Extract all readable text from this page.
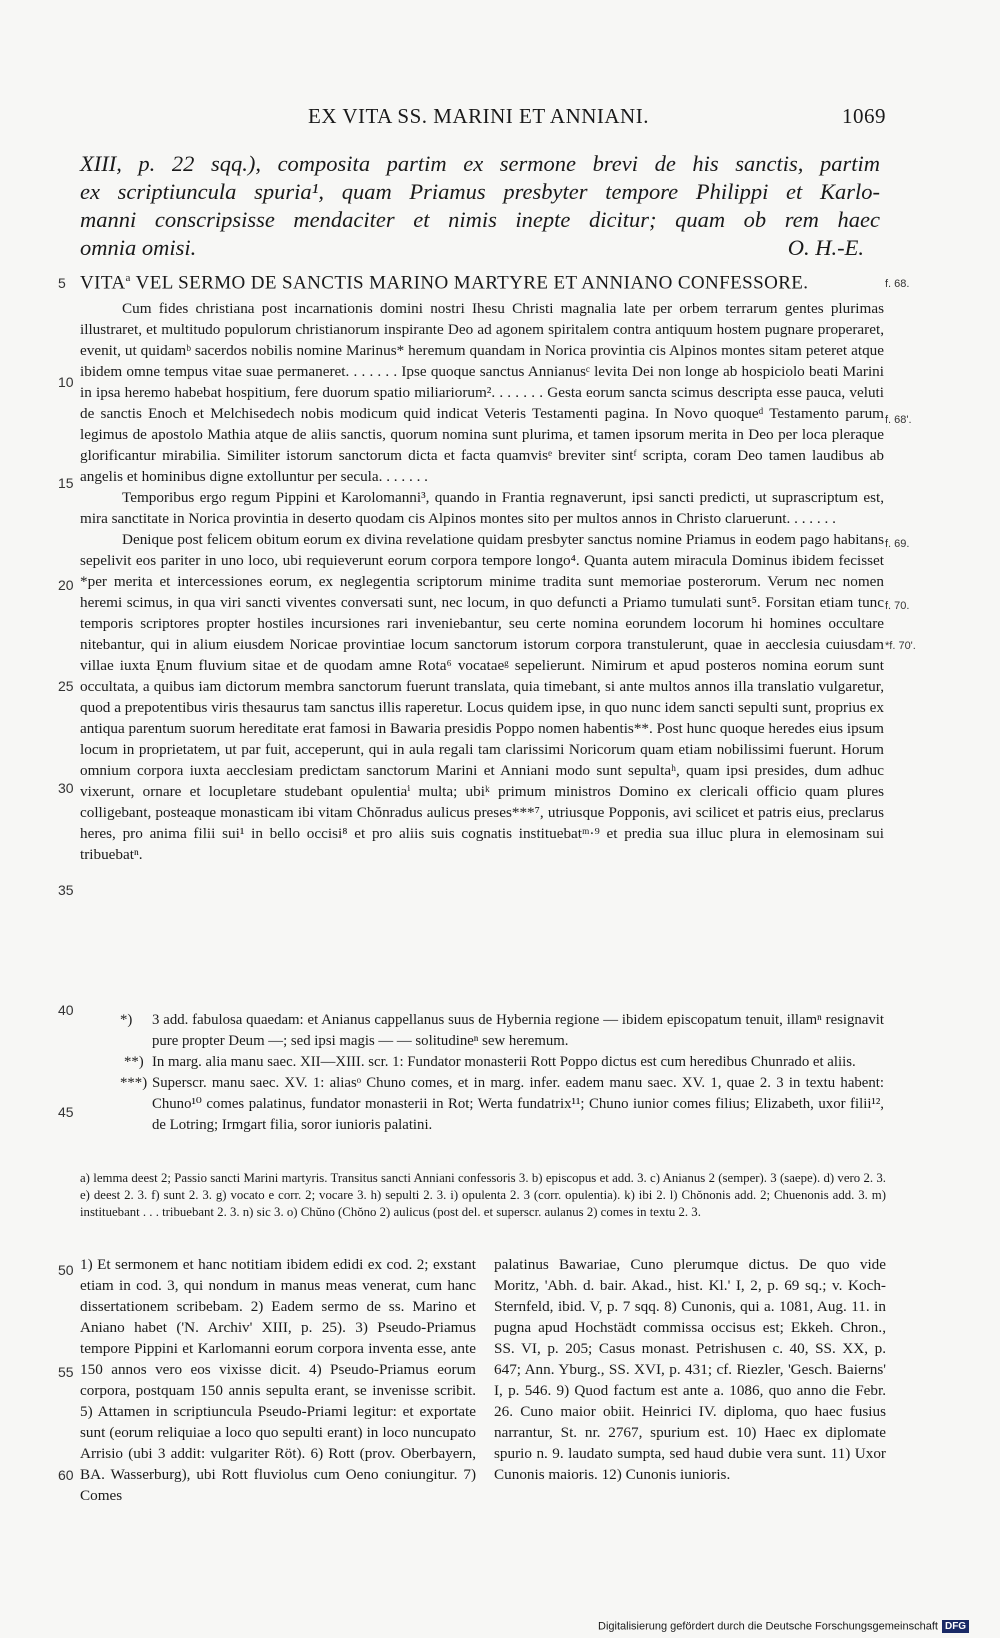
EX VITA SS. MARINI ET ANNIANI.	1069
XIII, p. 22 sqq.), composita partim ex sermone brevi de his sanctis, partim
ex scriptiuncula spuria¹, quam Priamus presbyter tempore Philippi et Karlo-
manni conscripsisse mendaciter et nimis inepte dicitur; quam ob rem haec
omnia omisi.	O. H.-E.
5 VITA$^a$ VEL SERMO DE SANCTIS MARINO MARTYRE ET ANNIANO CONFESSORE.
10
15
20
25
30
35
40
45
50
55
60
f. 68.
f. 68'.
f. 69.
f. 70.
*f. 70'.

Cum fides christiana post incarnationis domini nostri Ihesu Christi magnalia late per orbem terrarum gentes plurimas illustraret, et multitudo populorum christianorum inspirante Deo ad agonem spiritalem contra antiquum hostem pugnare properaret, evenit, ut quidamᵇ sacerdos nobilis nomine Marinus* heremum quandam in Norica provintia cis Alpinos montes sitam peteret atque ibidem omne tempus vitae suae permaneret. . . . . . . Ipse quoque sanctus Annianusᶜ levita Dei non longe ab hospiciolo beati Marini in ipsa heremo habebat hospitium, fere duorum spatio miliariorum². . . . . . . Gesta eorum sancta scimus descripta esse pauca, veluti de sanctis Enoch et Melchisedech nobis modicum quid indicat Veteris Testamenti pagina. In Novo quoqueᵈ Testamento parum legimus de apostolo Mathia atque de aliis sanctis, quorum nomina sunt plurima, et tamen ipsorum merita in Deo per loca pleraque glorificantur mirabilia. Similiter istorum sanctorum dicta et facta quamvisᵉ breviter sintᶠ scripta, coram Deo tamen laudibus ab angelis et hominibus digne extolluntur per secula. . . . . . .

Temporibus ergo regum Pippini et Karolomanni³, quando in Frantia regnaverunt, ipsi sancti predicti, ut suprascriptum est, mira sanctitate in Norica provintia in deserto quodam cis Alpinos montes sito per multos annos in Christo claruerunt. . . . . . .

Denique post felicem obitum eorum ex divina revelatione quidam presbyter sanctus nomine Priamus in eodem pago habitans sepelivit eos pariter in uno loco, ubi requieverunt eorum corpora tempore longo⁴. Quanta autem miracula Dominus ibidem fecisset *per merita et intercessiones eorum, ex neglegentia scriptorum minime tradita sunt memoriae posterorum. Verum nec nomen heremi scimus, in qua viri sancti viventes conversati sunt, nec locum, in quo defuncti a Priamo tumulati sunt⁵. Forsitan etiam tunc temporis scriptores propter hostiles incursiones rari inveniebantur, seu certe nomina eorundem locorum hi homines occultare nitebantur, qui in alium eiusdem Noricae provintiae locum sanctorum istorum corpora transtulerunt, quae in aecclesia cuiusdam villae iuxta Ęnum fluvium sitae et de quodam amne Rota⁶ vocataeᵍ sepelierunt. Nimirum et apud posteros nomina eorum sunt occultata, a quibus iam dictorum membra sanctorum fuerunt translata, quia timebant, si ante multos annos illa translatio vulgaretur, quod a prepotentibus viris thesaurus tam sanctus illis raperetur. Locus quidem ipse, in quo nunc idem sancti sepulti sunt, proprius ex antiqua parentum suorum hereditate erat famosi in Bawaria presidis Poppo nomen habentis**. Post hunc quoque heredes eius ipsum locum in proprietatem, ut par fuit, acceperunt, qui in aula regali tam clarissimi Noricorum quam etiam nobilissimi fuerunt. Horum omnium corpora iuxta aecclesiam predictam sanctorum Marini et Anniani modo sunt sepultaʰ, quam ipsi presides, dum adhuc vixerunt, ornare et locupletare studebant opulentiaⁱ multa; ubiᵏ primum ministros Domino ex clericali officio quam plures colligebant, posteaque monasticam ibi vitam Chŏnradus aulicus preses***⁷, utriusque Popponis, avi scilicet et patris eius, preclarus heres, pro anima filii sui¹ in bello occisi⁸ et pro aliis suis cognatis instituebatᵐ·⁹ et predia sua illuc plura in elemosinam sui tribuebatⁿ.

*) 3 add. fabulosa quaedam: et Anianus cappellanus suus de Hybernia regione — ibidem episcopatum tenuit, illamⁿ resignavit pure propter Deum —; sed ipsi magis — — solitudineⁿ sew heremum.
**) In marg. alia manu saec. XII—XIII. scr. 1: Fundator monasterii Rott Poppo dictus est cum heredibus Chunrado et aliis.
***) Superscr. manu saec. XV. 1: aliasᵒ Chuno comes, et in marg. infer. eadem manu saec. XV. 1, quae 2. 3 in textu habent: Chuno¹⁰ comes palatinus, fundator monasterii in Rot; Werta fundatrix¹¹; Chuno iunior comes filius; Elizabeth, uxor filii¹², de Lotring; Irmgart filia, soror iunioris palatini.
a) lemma deest 2; Passio sancti Marini martyris. Transitus sancti Anniani confessoris 3. b) episcopus et add. 3. c) Anianus 2 (semper). 3 (saepe). d) vero 2. 3. e) deest 2. 3. f) sunt 2. 3. g) vocato e corr. 2; vocare 3. h) sepulti 2. 3. i) opulenta 2. 3 (corr. opulentia). k) ibi 2. l) Chŏnonis add. 2; Chuenonis add. 3. m) instituebant . . . tribuebant 2. 3. n) sic 3. o) Chŭno (Chŏno 2) aulicus (post del. et superscr. aulanus 2) comes in textu 2. 3.
1) Et sermonem et hanc notitiam ibidem edidi ex cod. 2; exstant etiam in cod. 3, qui nondum in manus meas venerat, cum hanc dissertationem scribebam. 2) Eadem sermo de ss. Marino et Aniano habet ('N. Archiv' XIII, p. 25). 3) Pseudo-Priamus tempore Pippini et Karlomanni eorum corpora inventa esse, ante 150 annos vero eos vixisse dicit. 4) Pseudo-Priamus eorum corpora, postquam 150 annis sepulta erant, se invenisse scribit. 5) Attamen in scriptiuncula Pseudo-Priami legitur: et exportate sunt (eorum reliquiae a loco quo sepulti erant) in loco nuncupato Arrisio (ubi 3 addit: vulgariter Röt). 6) Rott (prov. Oberbayern, BA. Wasserburg), ubi Rott fluviolus cum Oeno coniungitur. 7) Comes
palatinus Bawariae, Cuno plerumque dictus. De quo vide Moritz, 'Abh. d. bair. Akad., hist. Kl.' I, 2, p. 69 sq.; v. Koch-Sternfeld, ibid. V, p. 7 sqq. 8) Cunonis, qui a. 1081, Aug. 11. in pugna apud Hochstädt commissa occisus est; Ekkeh. Chron., SS. VI, p. 205; Casus monast. Petrishusen c. 40, SS. XX, p. 647; Ann. Yburg., SS. XVI, p. 431; cf. Riezler, 'Gesch. Baierns' I, p. 546. 9) Quod factum est ante a. 1086, quo anno die Febr. 26. Cuno maior obiit. Heinrici IV. diploma, quo haec fusius narrantur, St. nr. 2767, spurium est. 10) Haec ex diplomate spurio n. 9. laudato sumpta, sed haud dubie vera sunt. 11) Uxor Cunonis maioris. 12) Cunonis iunioris.
Digitalisierung gefördert durch die Deutsche Forschungsgemeinschaft DFG
